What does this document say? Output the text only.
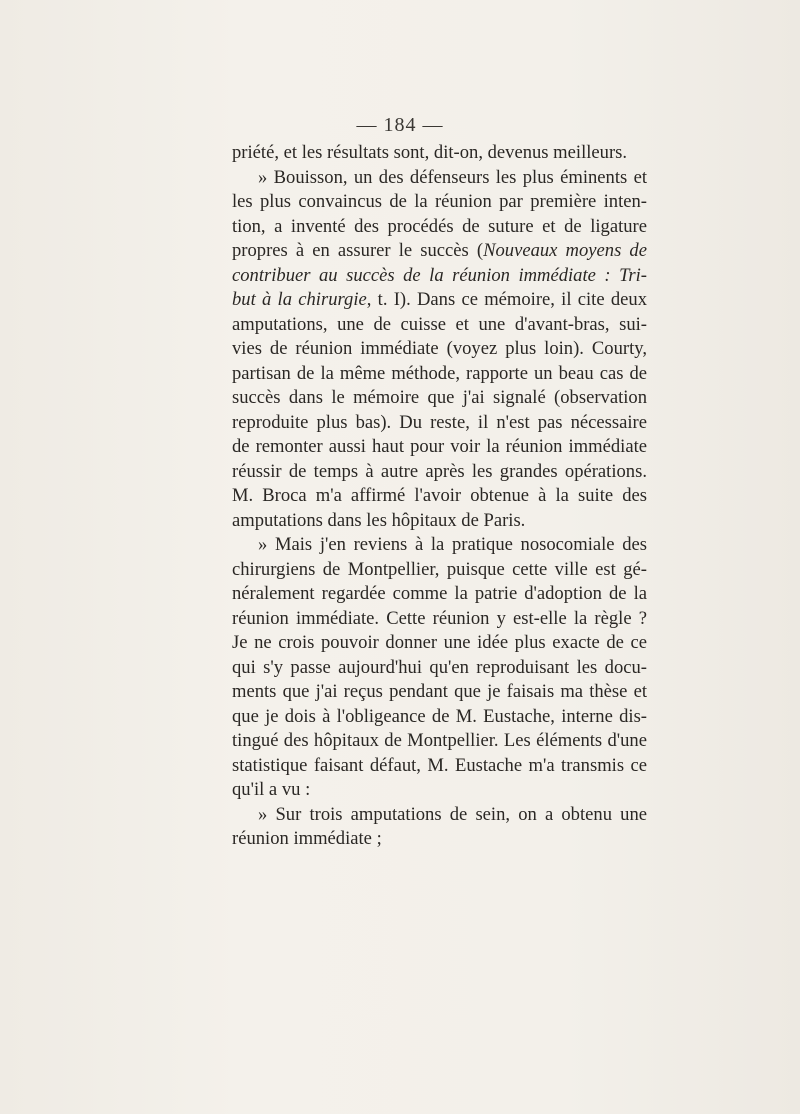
— 184 —
priété, et les résultats sont, dit-on, devenus meilleurs.
» Bouisson, un des défenseurs les plus éminents et
les plus convaincus de la réunion par première inten-
tion, a inventé des procédés de suture et de ligature
propres à en assurer le succès (Nouveaux moyens de
contribuer au succès de la réunion immédiate : Tri-
but à la chirurgie, t. I). Dans ce mémoire, il cite deux
amputations, une de cuisse et une d'avant-bras, sui-
vies de réunion immédiate (voyez plus loin). Courty,
partisan de la même méthode, rapporte un beau cas de
succès dans le mémoire que j'ai signalé (observation
reproduite plus bas). Du reste, il n'est pas nécessaire
de remonter aussi haut pour voir la réunion immédiate
réussir de temps à autre après les grandes opérations.
M. Broca m'a affirmé l'avoir obtenue à la suite des
amputations dans les hôpitaux de Paris.
» Mais j'en reviens à la pratique nosocomiale des
chirurgiens de Montpellier, puisque cette ville est gé-
néralement regardée comme la patrie d'adoption de la
réunion immédiate. Cette réunion y est-elle la règle ?
Je ne crois pouvoir donner une idée plus exacte de ce
qui s'y passe aujourd'hui qu'en reproduisant les docu-
ments que j'ai reçus pendant que je faisais ma thèse et
que je dois à l'obligeance de M. Eustache, interne dis-
tingué des hôpitaux de Montpellier. Les éléments d'une
statistique faisant défaut, M. Eustache m'a transmis ce
qu'il a vu :
» Sur trois amputations de sein, on a obtenu une
réunion immédiate ;
